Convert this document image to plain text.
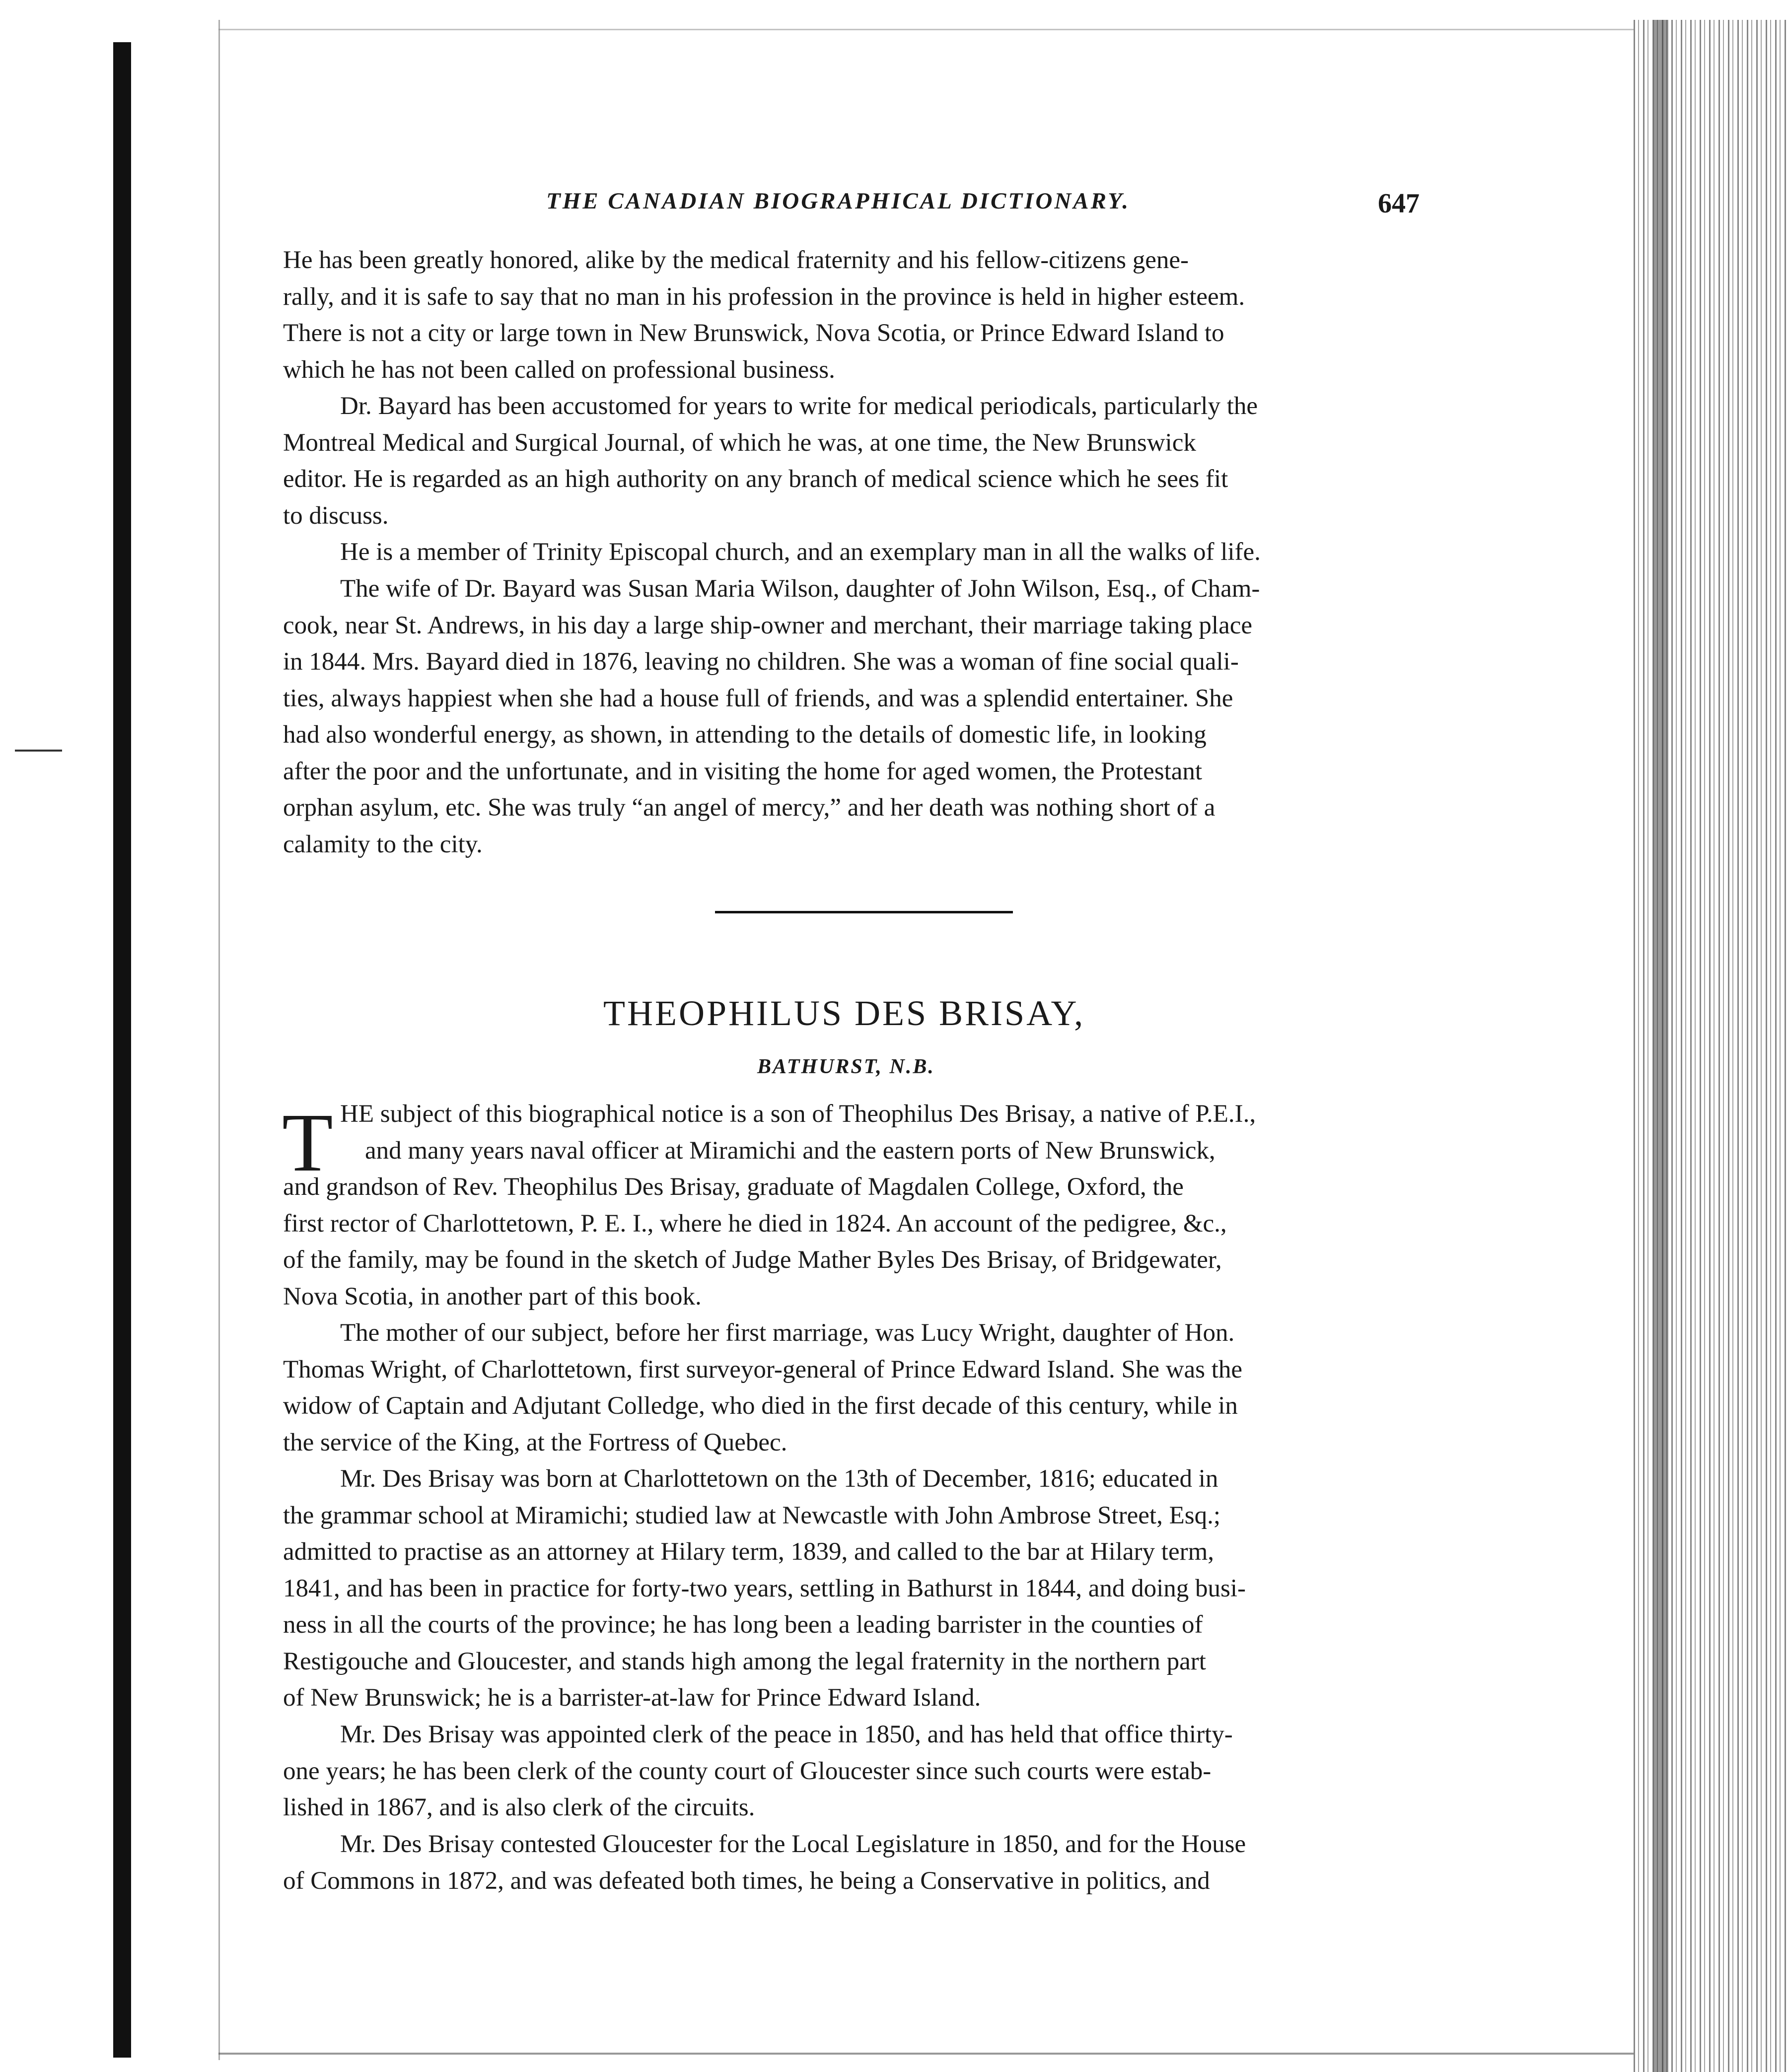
THE CANADIAN BIOGRAPHICAL DICTIONARY.	647
He has been greatly honored, alike by the medical fraternity and his fellow-citizens gene-
rally, and it is safe to say that no man in his profession in the province is held in higher esteem.
There is not a city or large town in New Brunswick, Nova Scotia, or Prince Edward Island to
which he has not been called on professional business.
Dr. Bayard has been accustomed for years to write for medical periodicals, particularly the
Montreal Medical and Surgical Journal, of which he was, at one time, the New Brunswick
editor. He is regarded as an high authority on any branch of medical science which he sees fit
to discuss.
He is a member of Trinity Episcopal church, and an exemplary man in all the walks of life.
The wife of Dr. Bayard was Susan Maria Wilson, daughter of John Wilson, Esq., of Cham-
cook, near St. Andrews, in his day a large ship-owner and merchant, their marriage taking place
in 1844. Mrs. Bayard died in 1876, leaving no children. She was a woman of fine social quali-
ties, always happiest when she had a house full of friends, and was a splendid entertainer. She
had also wonderful energy, as shown, in attending to the details of domestic life, in looking
after the poor and the unfortunate, and in visiting the home for aged women, the Protestant
orphan asylum, etc. She was truly “an angel of mercy,” and her death was nothing short of a
calamity to the city.
THEOPHILUS DES BRISAY,
BATHURST, N.B.
T HE subject of this biographical notice is a son of Theophilus Des Brisay, a native of P.E.I.,
and many years naval officer at Miramichi and the eastern ports of New Brunswick,
and grandson of Rev. Theophilus Des Brisay, graduate of Magdalen College, Oxford, the
first rector of Charlottetown, P. E. I., where he died in 1824. An account of the pedigree, &c.,
of the family, may be found in the sketch of Judge Mather Byles Des Brisay, of Bridgewater,
Nova Scotia, in another part of this book.
The mother of our subject, before her first marriage, was Lucy Wright, daughter of Hon.
Thomas Wright, of Charlottetown, first surveyor-general of Prince Edward Island. She was the
widow of Captain and Adjutant Colledge, who died in the first decade of this century, while in
the service of the King, at the Fortress of Quebec.
Mr. Des Brisay was born at Charlottetown on the 13th of December, 1816; educated in
the grammar school at Miramichi; studied law at Newcastle with John Ambrose Street, Esq.;
admitted to practise as an attorney at Hilary term, 1839, and called to the bar at Hilary term,
1841, and has been in practice for forty-two years, settling in Bathurst in 1844, and doing busi-
ness in all the courts of the province; he has long been a leading barrister in the counties of
Restigouche and Gloucester, and stands high among the legal fraternity in the northern part
of New Brunswick; he is a barrister-at-law for Prince Edward Island.
Mr. Des Brisay was appointed clerk of the peace in 1850, and has held that office thirty-
one years; he has been clerk of the county court of Gloucester since such courts were estab-
lished in 1867, and is also clerk of the circuits.
Mr. Des Brisay contested Gloucester for the Local Legislature in 1850, and for the House
of Commons in 1872, and was defeated both times, he being a Conservative in politics, and
